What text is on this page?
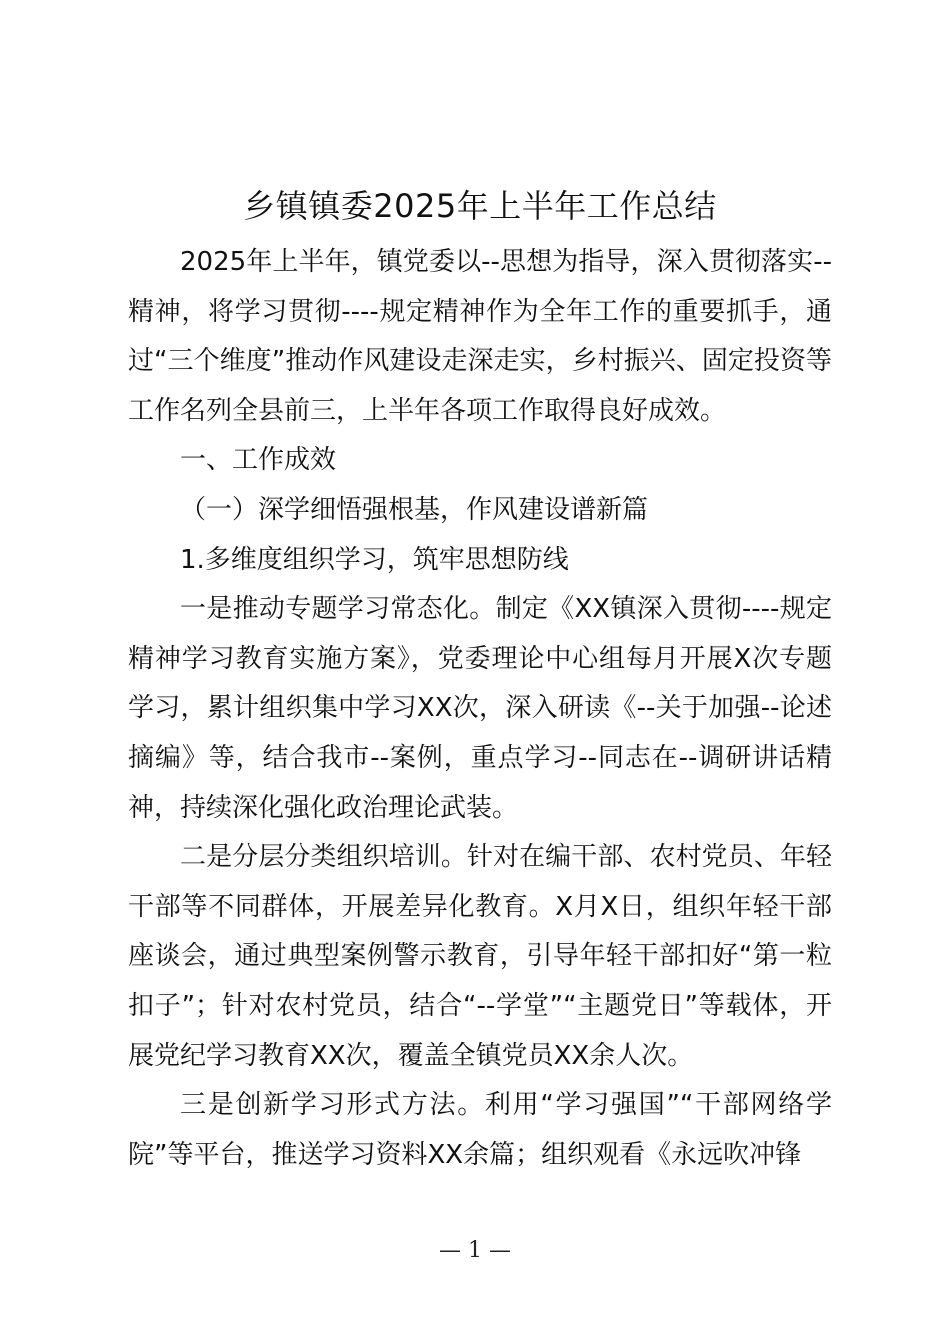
乡镇镇委2025年上半年工作总结

2025年上半年，镇党委以--思想为指导，深入贯彻落实--精神，将学习贯彻----规定精神作为全年工作的重要抓手，通过“三个维度”推动作风建设走深走实，乡村振兴、固定投资等工作名列全县前三，上半年各项工作取得良好成效。

一、工作成效

（一）深学细悟强根基，作风建设谱新篇

1.多维度组织学习，筑牢思想防线

一是推动专题学习常态化。制定《XX镇深入贯彻----规定精神学习教育实施方案》，党委理论中心组每月开展X次专题学习，累计组织集中学习XX次，深入研读《--关于加强--论述摘编》等，结合我市--案例，重点学习--同志在--调研讲话精神，持续深化强化政治理论武装。

二是分层分类组织培训。针对在编干部、农村党员、年轻干部等不同群体，开展差异化教育。X月X日，组织年轻干部座谈会，通过典型案例警示教育，引导年轻干部扣好“第一粒扣子”；针对农村党员，结合“--学堂”“主题党日”等载体，开展党纪学习教育XX次，覆盖全镇党员XX余人次。

三是创新学习形式方法。利用“学习强国”“干部网络学院”等平台，推送学习资料XX余篇；组织观看《永远吹冲锋

— 1 —
